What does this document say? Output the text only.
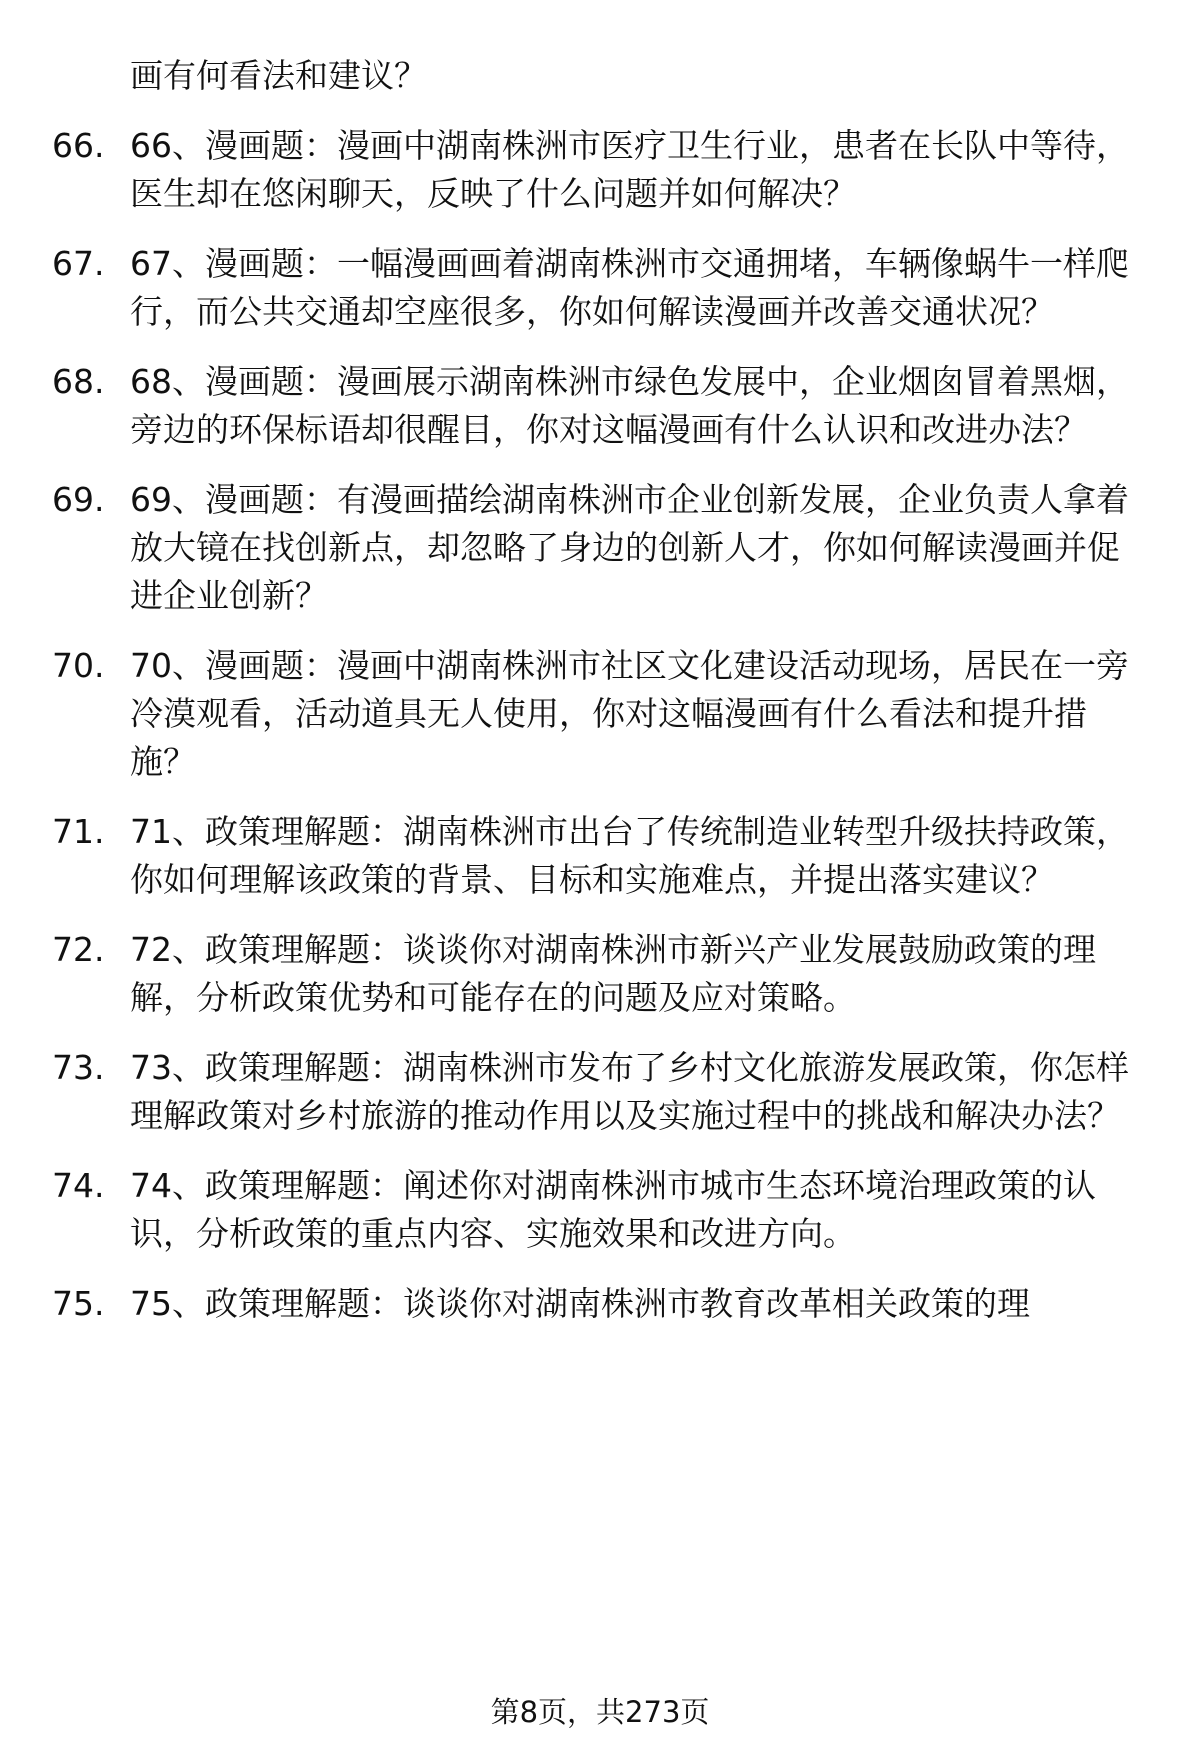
画有何看法和建议？
66. 66、漫画题：漫画中湖南株洲市医疗卫生行业，患者在长队中等待，医生却在悠闲聊天，反映了什么问题并如何解决？
67. 67、漫画题：一幅漫画画着湖南株洲市交通拥堵，车辆像蜗牛一样爬行，而公共交通却空座很多，你如何解读漫画并改善交通状况？
68. 68、漫画题：漫画展示湖南株洲市绿色发展中，企业烟囱冒着黑烟，旁边的环保标语却很醒目，你对这幅漫画有什么认识和改进办法？
69. 69、漫画题：有漫画描绘湖南株洲市企业创新发展，企业负责人拿着放大镜在找创新点，却忽略了身边的创新人才，你如何解读漫画并促进企业创新？
70. 70、漫画题：漫画中湖南株洲市社区文化建设活动现场，居民在一旁冷漠观看，活动道具无人使用，你对这幅漫画有什么看法和提升措施？
71. 71、政策理解题：湖南株洲市出台了传统制造业转型升级扶持政策，你如何理解该政策的背景、目标和实施难点，并提出落实建议？
72. 72、政策理解题：谈谈你对湖南株洲市新兴产业发展鼓励政策的理解，分析政策优势和可能存在的问题及应对策略。
73. 73、政策理解题：湖南株洲市发布了乡村文化旅游发展政策，你怎样理解政策对乡村旅游的推动作用以及实施过程中的挑战和解决办法？
74. 74、政策理解题：阐述你对湖南株洲市城市生态环境治理政策的认识，分析政策的重点内容、实施效果和改进方向。
75. 75、政策理解题：谈谈你对湖南株洲市教育改革相关政策的理
第8页，共273页
